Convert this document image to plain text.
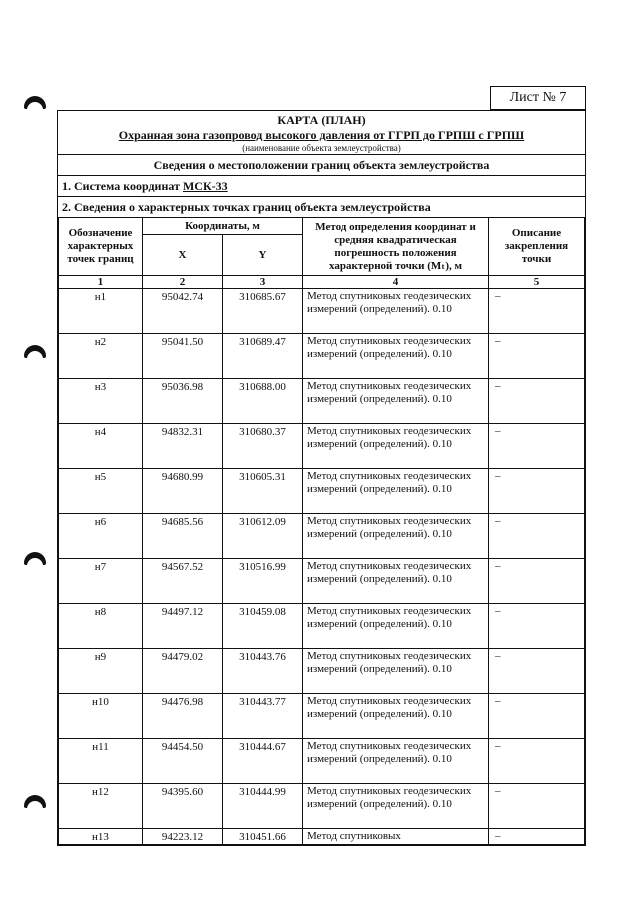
Лист № 7
КАРТА (ПЛАН)
Охранная зона газопровод высокого давления от ГГРП до ГРПШ с ГРПШ
(наименование объекта землеустройства)
Сведения о местоположении границ объекта землеустройства
1. Система координат МСК-33
2. Сведения о характерных точках границ объекта землеустройства
Обозначение характерных точек границ	Координаты, м		Метод определения координат и средняя квадратическая погрешность положения характерной точки (Mₜ), м	Описание закрепления точки
	X	Y		
1	2	3	4	5
н1	95042.74	310685.67	Метод спутниковых геодезических измерений (определений). 0.10	–
н2	95041.50	310689.47	Метод спутниковых геодезических измерений (определений). 0.10	–
н3	95036.98	310688.00	Метод спутниковых геодезических измерений (определений). 0.10	–
н4	94832.31	310680.37	Метод спутниковых геодезических измерений (определений). 0.10	–
н5	94680.99	310605.31	Метод спутниковых геодезических измерений (определений). 0.10	–
н6	94685.56	310612.09	Метод спутниковых геодезических измерений (определений). 0.10	–
н7	94567.52	310516.99	Метод спутниковых геодезических измерений (определений). 0.10	–
н8	94497.12	310459.08	Метод спутниковых геодезических измерений (определений). 0.10	–
н9	94479.02	310443.76	Метод спутниковых геодезических измерений (определений). 0.10	–
н10	94476.98	310443.77	Метод спутниковых геодезических измерений (определений). 0.10	–
н11	94454.50	310444.67	Метод спутниковых геодезических измерений (определений). 0.10	–
н12	94395.60	310444.99	Метод спутниковых геодезических измерений (определений). 0.10	–
н13	94223.12	310451.66	Метод спутниковых	–
